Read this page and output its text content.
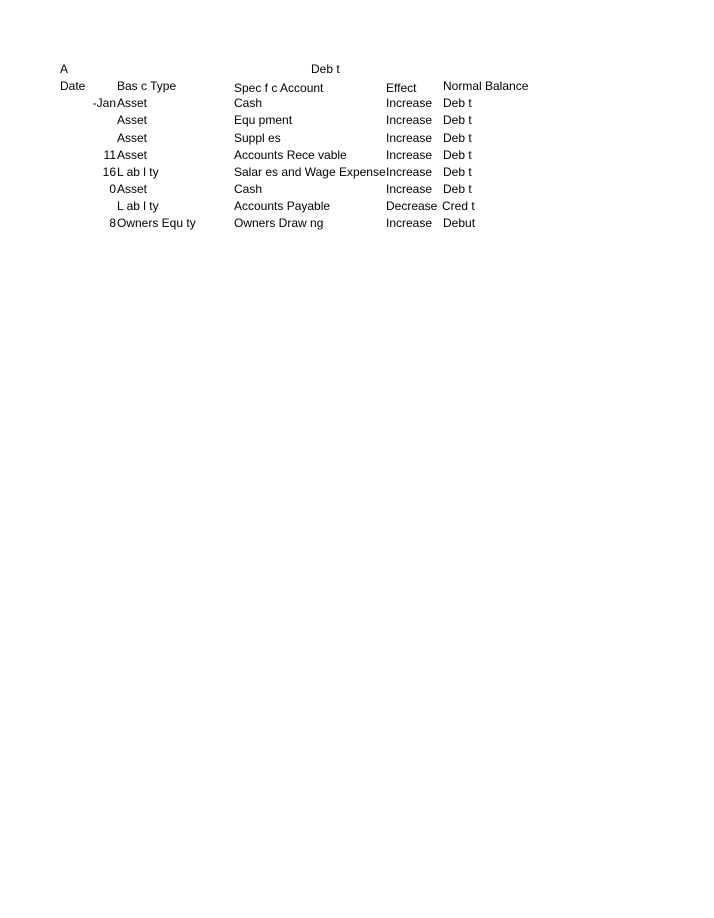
A	Deb t
Date	Bas c Type	Spec f c Account	Effect Normal Balance
-Jan Asset	Cash	Increase Deb t
Asset	Equ pment	Increase Deb t
Asset	Suppl es	Increase Deb t
11 Asset	Accounts Rece vable	Increase Deb t
16 L ab l ty	Salar es and Wage Expense Increase Deb t
0 Asset	Cash	Increase Deb t
L ab l ty	Accounts Payable	Decrease Cred t
8 Owners Equ ty	Owners Draw ng	Increase Debut
